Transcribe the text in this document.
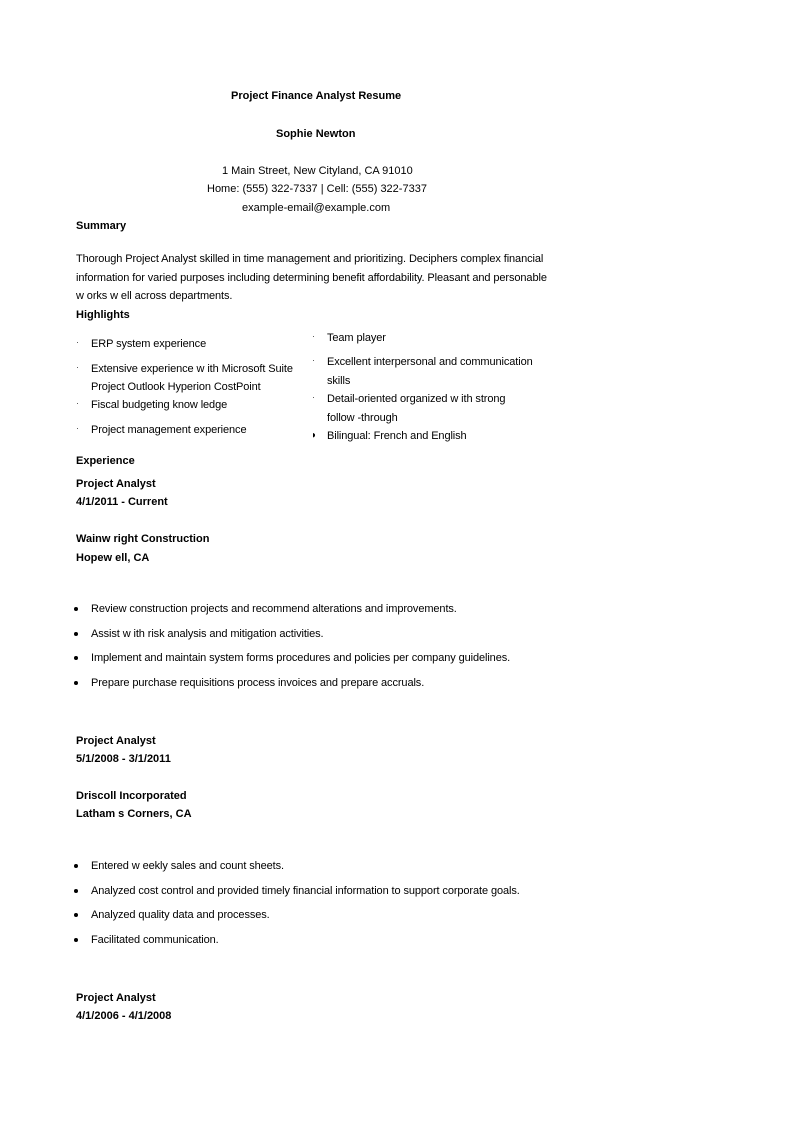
Project Finance Analyst Resume
Sophie Newton
1 Main Street, New Cityland, CA 91010
Home: (555) 322-7337 | Cell: (555) 322-7337
example-email@example.com
Summary
Thorough Project Analyst skilled in time management and prioritizing. Deciphers complex financial
information for varied purposes including determining benefit affordability. Pleasant and personable
w orks w ell across departments.
Highlights
· ERP system experience
· Extensive experience w ith Microsoft Suite
Project Outlook Hyperion CostPoint
· Fiscal budgeting know ledge
· Project management experience
· Team player
· Excellent interpersonal and communication
skills
· Detail-oriented organized w ith strong
follow -through
◗ Bilingual: French and English
Experience
Project Analyst
4/1/2011 - Current
Wainw right Construction
Hopew ell, CA
Review construction projects and recommend alterations and improvements.
Assist w ith risk analysis and mitigation activities.
Implement and maintain system forms procedures and policies per company guidelines.
Prepare purchase requisitions process invoices and prepare accruals.
Project Analyst
5/1/2008 - 3/1/2011
Driscoll Incorporated
Latham s Corners, CA
Entered w eekly sales and count sheets.
Analyzed cost control and provided timely financial information to support corporate goals.
Analyzed quality data and processes.
Facilitated communication.
Project Analyst
4/1/2006 - 4/1/2008
